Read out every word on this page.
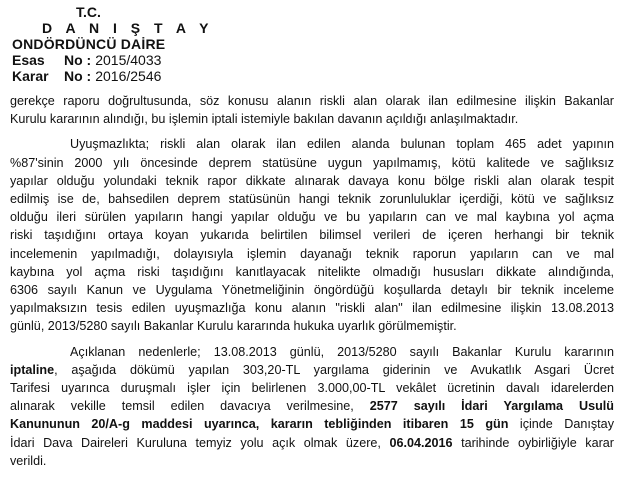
T.C.
D A N I Ş T A Y
ONDÖRDÜNCÜ DAİRE
Esas	No : 2015/4033
Karar	No : 2016/2546

gerekçe raporu doğrultusunda, söz konusu alanın riskli alan olarak ilan edilmesine ilişkin Bakanlar
Kurulu kararının alındığı, bu işlemin iptali istemiyle bakılan davanın açıldığı anlaşılmaktadır.

Uyuşmazlıkta; riskli alan olarak ilan edilen alanda bulunan toplam 465 adet yapının
%87'sinin 2000 yılı öncesinde deprem statüsüne uygun yapılmamış, kötü kalitede ve sağlıksız
yapılar olduğu yolundaki teknik rapor dikkate alınarak davaya konu bölge riskli alan olarak tespit
edilmiş ise de, bahsedilen deprem statüsünün hangi teknik zorunluluklar içerdiği, kötü ve sağlıksız
olduğu ileri sürülen yapıların hangi yapılar olduğu ve bu yapıların can ve mal kaybına yol açma
riski taşıdığını ortaya koyan yukarıda belirtilen bilimsel verileri de içeren herhangi bir teknik
incelemenin yapılmadığı, dolayısıyla işlemin dayanağı teknik raporun yapıların can ve mal
kaybına yol açma riski taşıdığını kanıtlayacak nitelikte olmadığı hususları dikkate alındığında,
6306 sayılı Kanun ve Uygulama Yönetmeliğinin öngördüğü koşullarda detaylı bir teknik inceleme
yapılmaksızın tesis edilen uyuşmazlığa konu alanın "riskli alan" ilan edilmesine ilişkin 13.08.2013
günlü, 2013/5280 sayılı Bakanlar Kurulu kararında hukuka uyarlık görülmemiştir.

Açıklanan nedenlerle; 13.08.2013 günlü, 2013/5280 sayılı Bakanlar Kurulu kararının
iptaline, aşağıda dökümü yapılan 303,20-TL yargılama giderinin ve Avukatlık Asgari Ücret
Tarifesi uyarınca duruşmalı işler için belirlenen 3.000,00-TL vekâlet ücretinin davalı idarelerden
alınarak vekille temsil edilen davacıya verilmesine, 2577 sayılı İdari Yargılama Usulü
Kanununun 20/A-g maddesi uyarınca, kararın tebliğinden itibaren 15 gün içinde Danıştay
İdari Dava Daireleri Kuruluna temyiz yolu açık olmak üzere, 06.04.2016 tarihinde oybirliğiyle karar
verildi.
